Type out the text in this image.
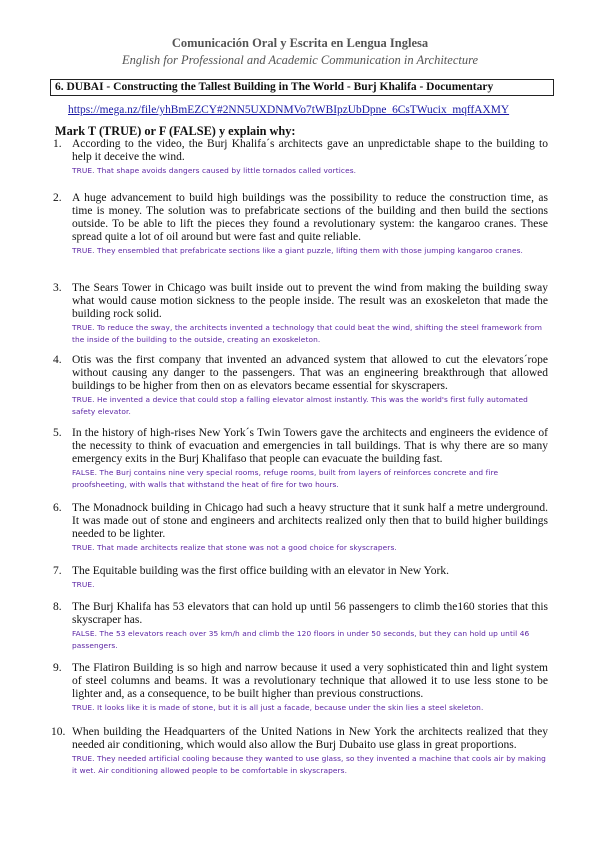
Comunicación Oral y Escrita en Lengua Inglesa
English for Professional and Academic Communication in Architecture
6. DUBAI - Constructing the Tallest Building in The World - Burj Khalifa - Documentary
https://mega.nz/file/yhBmEZCY#2NN5UXDNMVo7tWBIpzUbDpne_6CsTWucix_mqffAXMY
Mark T (TRUE) or F (FALSE) y explain why:
1. According to the video, the Burj Khalifa´s architects gave an unpredictable shape to the building to help it deceive the wind.
TRUE. That shape avoids dangers caused by little tornados called vortices.
2. A huge advancement to build high buildings was the possibility to reduce the construction time, as time is money. The solution was to prefabricate sections of the building and then build the sections outside. To be able to lift the pieces they found a revolutionary system: the kangaroo cranes. These spread quite a lot of oil around but were fast and quite reliable.
TRUE. They ensembled that prefabricate sections like a giant puzzle, lifting them with those jumping kangaroo cranes.
3. The Sears Tower in Chicago was built inside out to prevent the wind from making the building sway what would cause motion sickness to the people inside. The result was an exoskeleton that made the building rock solid.
TRUE. To reduce the sway, the architects invented a technology that could beat the wind, shifting the steel framework from the inside of the building to the outside, creating an exoskeleton.
4. Otis was the first company that invented an advanced system that allowed to cut the elevators´rope without causing any danger to the passengers. That was an engineering breakthrough that allowed buildings to be higher from then on as elevators became essential for skyscrapers.
TRUE. He invented a device that could stop a falling elevator almost instantly. This was the world's first fully automated safety elevator.
5. In the history of high-rises New York´s Twin Towers gave the architects and engineers the evidence of the necessity to think of evacuation and emergencies in tall buildings. That is why there are so many emergency exits in the Burj Khalifaso that people can evacuate the building fast.
FALSE. The Burj contains nine very special rooms, refuge rooms, built from layers of reinforces concrete and fire proofsheeting, with walls that withstand the heat of fire for two hours.
6. The Monadnock building in Chicago had such a heavy structure that it sunk half a metre underground. It was made out of stone and engineers and architects realized only then that to build higher buildings needed to be lighter.
TRUE. That made architects realize that stone was not a good choice for skyscrapers.
7. The Equitable building was the first office building with an elevator in New York.
TRUE.
8. The Burj Khalifa has 53 elevators that can hold up until 56 passengers to climb the160 stories that this skyscraper has.
FALSE. The 53 elevators reach over 35 km/h and climb the 120 floors in under 50 seconds, but they can hold up until 46 passengers.
9. The Flatiron Building is so high and narrow because it used a very sophisticated thin and light system of steel columns and beams. It was a revolutionary technique that allowed it to use less stone to be lighter and, as a consequence, to be built higher than previous constructions.
TRUE. It looks like it is made of stone, but it is all just a facade, because under the skin lies a steel skeleton.
10. When building the Headquarters of the United Nations in New York the architects realized that they needed air conditioning, which would also allow the Burj Dubaito use glass in great proportions.
TRUE. They needed artificial cooling because they wanted to use glass, so they invented a machine that cools air by making it wet. Air conditioning allowed people to be comfortable in skyscrapers.
